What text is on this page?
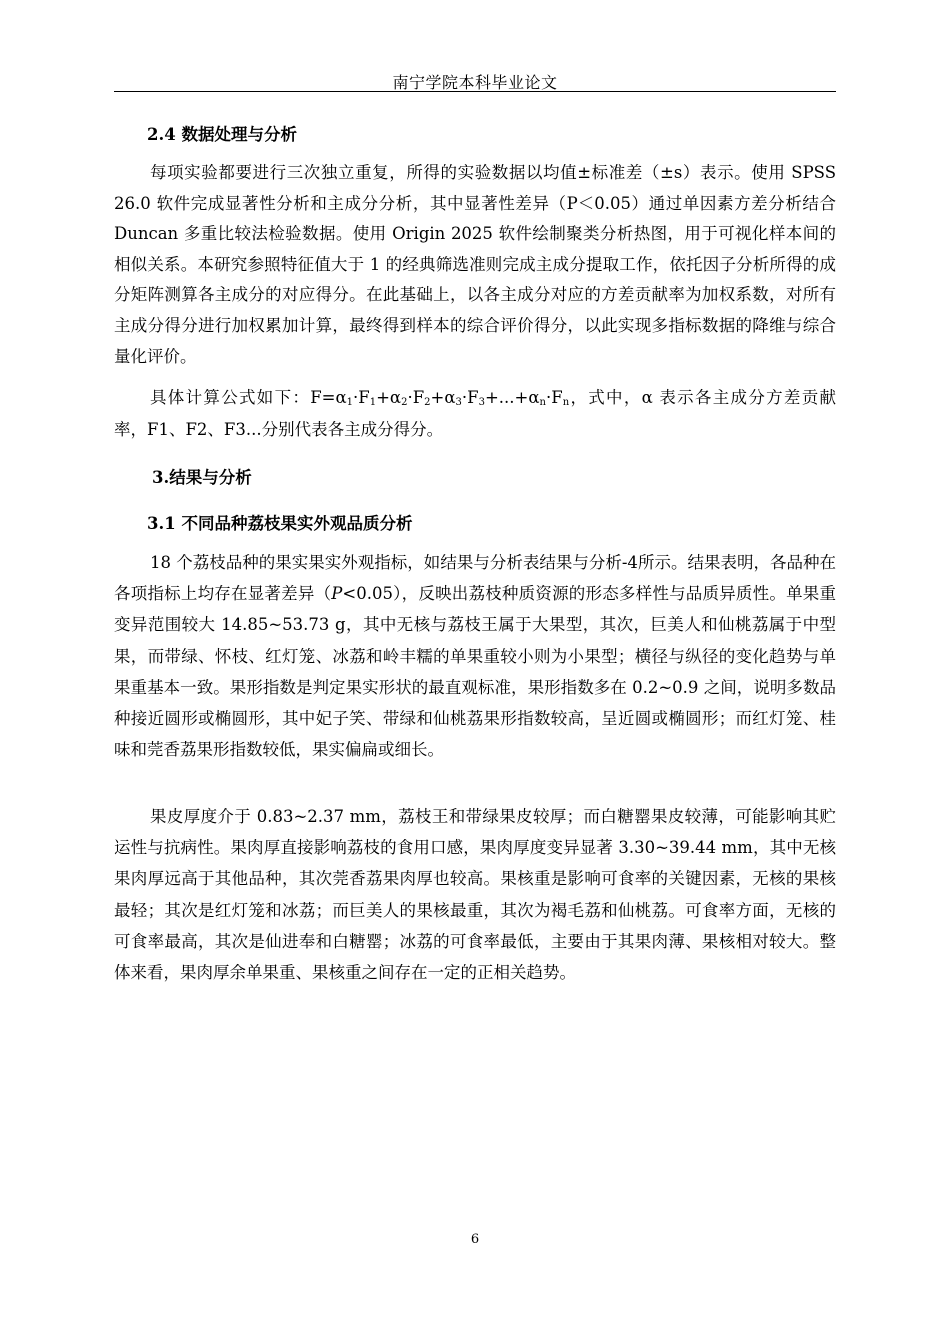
南宁学院本科毕业论文
2.4 数据处理与分析

每项实验都要进行三次独立重复，所得的实验数据以均值±标准差（±s）表示。使用 SPSS 26.0 软件完成显著性分析和主成分分析，其中显著性差异（P＜0.05）通过单因素方差分析结合 Duncan 多重比较法检验数据。使用 Origin 2025 软件绘制聚类分析热图，用于可视化样本间的相似关系。本研究参照特征值大于 1 的经典筛选准则完成主成分提取工作，依托因子分析所得的成分矩阵测算各主成分的对应得分。在此基础上，以各主成分对应的方差贡献率为加权系数，对所有主成分得分进行加权累加计算，最终得到样本的综合评价得分，以此实现多指标数据的降维与综合量化评价。

具体计算公式如下：$F=\alpha_1\cdot F_1+\alpha_2\cdot F_2+\alpha_3\cdot F_3+...+\alpha_n\cdot F_n$，式中，α 表示各主成分方差贡献率，F1、F2、F3...分别代表各主成分得分。

3.结果与分析
3.1 不同品种荔枝果实外观品质分析

18 个荔枝品种的果实果实外观指标，如结果与分析表结果与分析-4所示。结果表明，各品种在各项指标上均存在显著差异（P<0.05），反映出荔枝种质资源的形态多样性与品质异质性。单果重变异范围较大 14.85~53.73 g，其中无核与荔枝王属于大果型，其次，巨美人和仙桃荔属于中型果，而带绿、怀枝、红灯笼、冰荔和岭丰糯的单果重较小则为小果型；横径与纵径的变化趋势与单果重基本一致。果形指数是判定果实形状的最直观标准，果形指数多在 0.2~0.9 之间，说明多数品种接近圆形或椭圆形，其中妃子笑、带绿和仙桃荔果形指数较高，呈近圆或椭圆形；而红灯笼、桂味和莞香荔果形指数较低，果实偏扁或细长。

果皮厚度介于 0.83~2.37 mm，荔枝王和带绿果皮较厚；而白糖罂果皮较薄，可能影响其贮运性与抗病性。果肉厚直接影响荔枝的食用口感，果肉厚度变异显著 3.30~39.44 mm，其中无核果肉厚远高于其他品种，其次莞香荔果肉厚也较高。果核重是影响可食率的关键因素，无核的果核最轻；其次是红灯笼和冰荔；而巨美人的果核最重，其次为褐毛荔和仙桃荔。可食率方面，无核的可食率最高，其次是仙进奉和白糖罂；冰荔的可食率最低，主要由于其果肉薄、果核相对较大。整体来看，果肉厚余单果重、果核重之间存在一定的正相关趋势。

6
